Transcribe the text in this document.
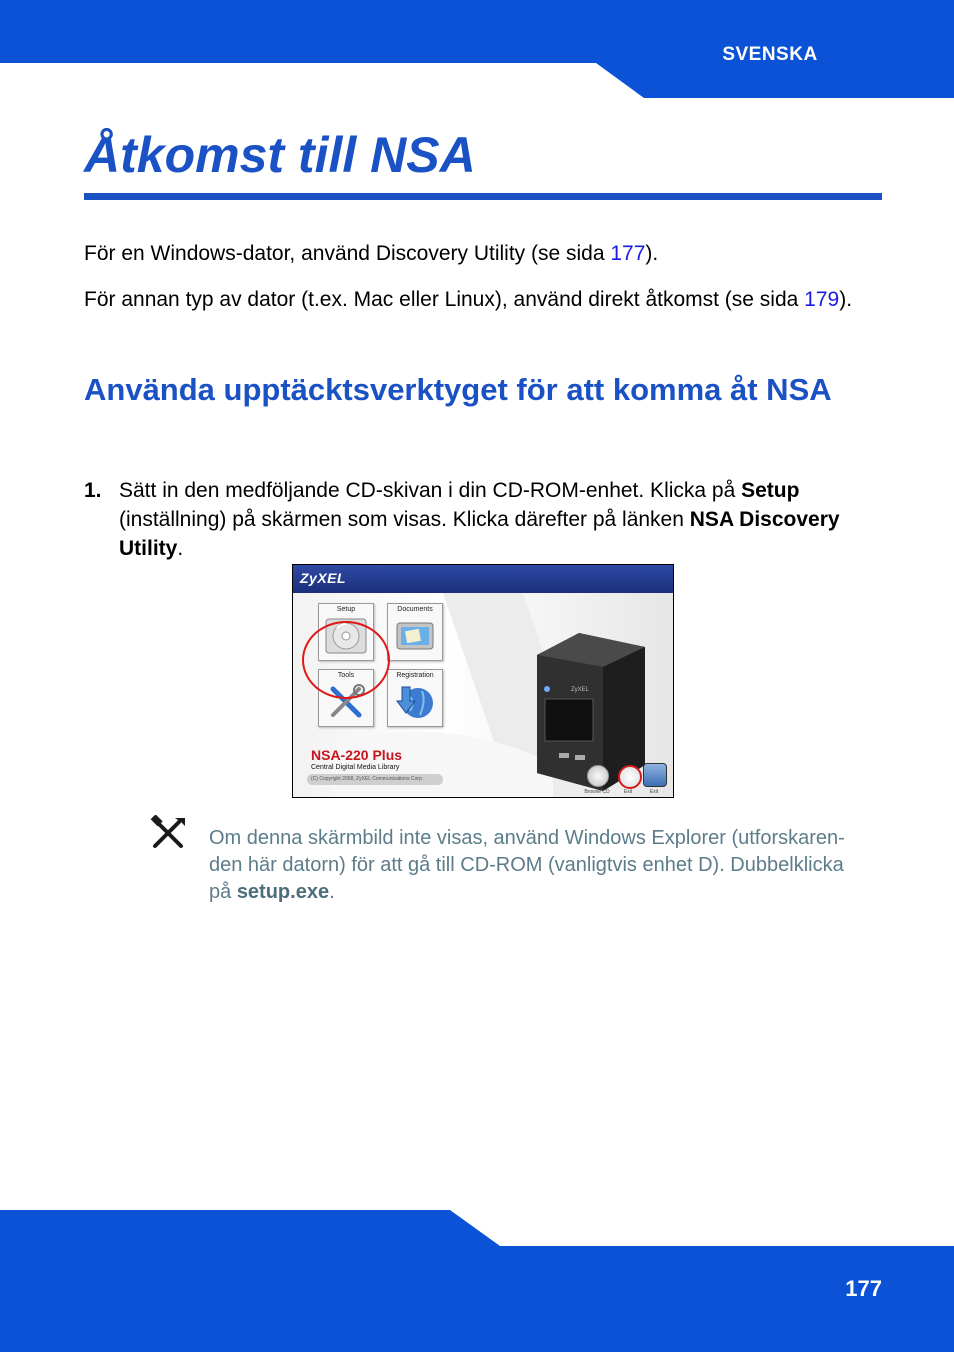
SVENSKA
Åtkomst till NSA

För en Windows-dator, använd Discovery Utility (se sida 177).

För annan typ av dator (t.ex. Mac eller Linux), använd direkt åtkomst (se sida 179).

Använda upptäcktsverktyget för att komma åt NSA
1. Sätt in den medföljande CD-skivan i din CD-ROM-enhet. Klicka på Setup (inställning) på skärmen som visas. Klicka därefter på länken NSA Discovery Utility.
ZyXEL
Setup	Documents
Tools	Registration
NSA-220 Plus
Central Digital Media Library
(C) Copyright 2008, ZyXEL Communications Corp.
ZyXEL
Browse CD	Exit	Exit

Om denna skärmbild inte visas, använd Windows Explorer (utforskaren-den här datorn) för att gå till CD-ROM (vanligtvis enhet D). Dubbelklicka på setup.exe.

177
